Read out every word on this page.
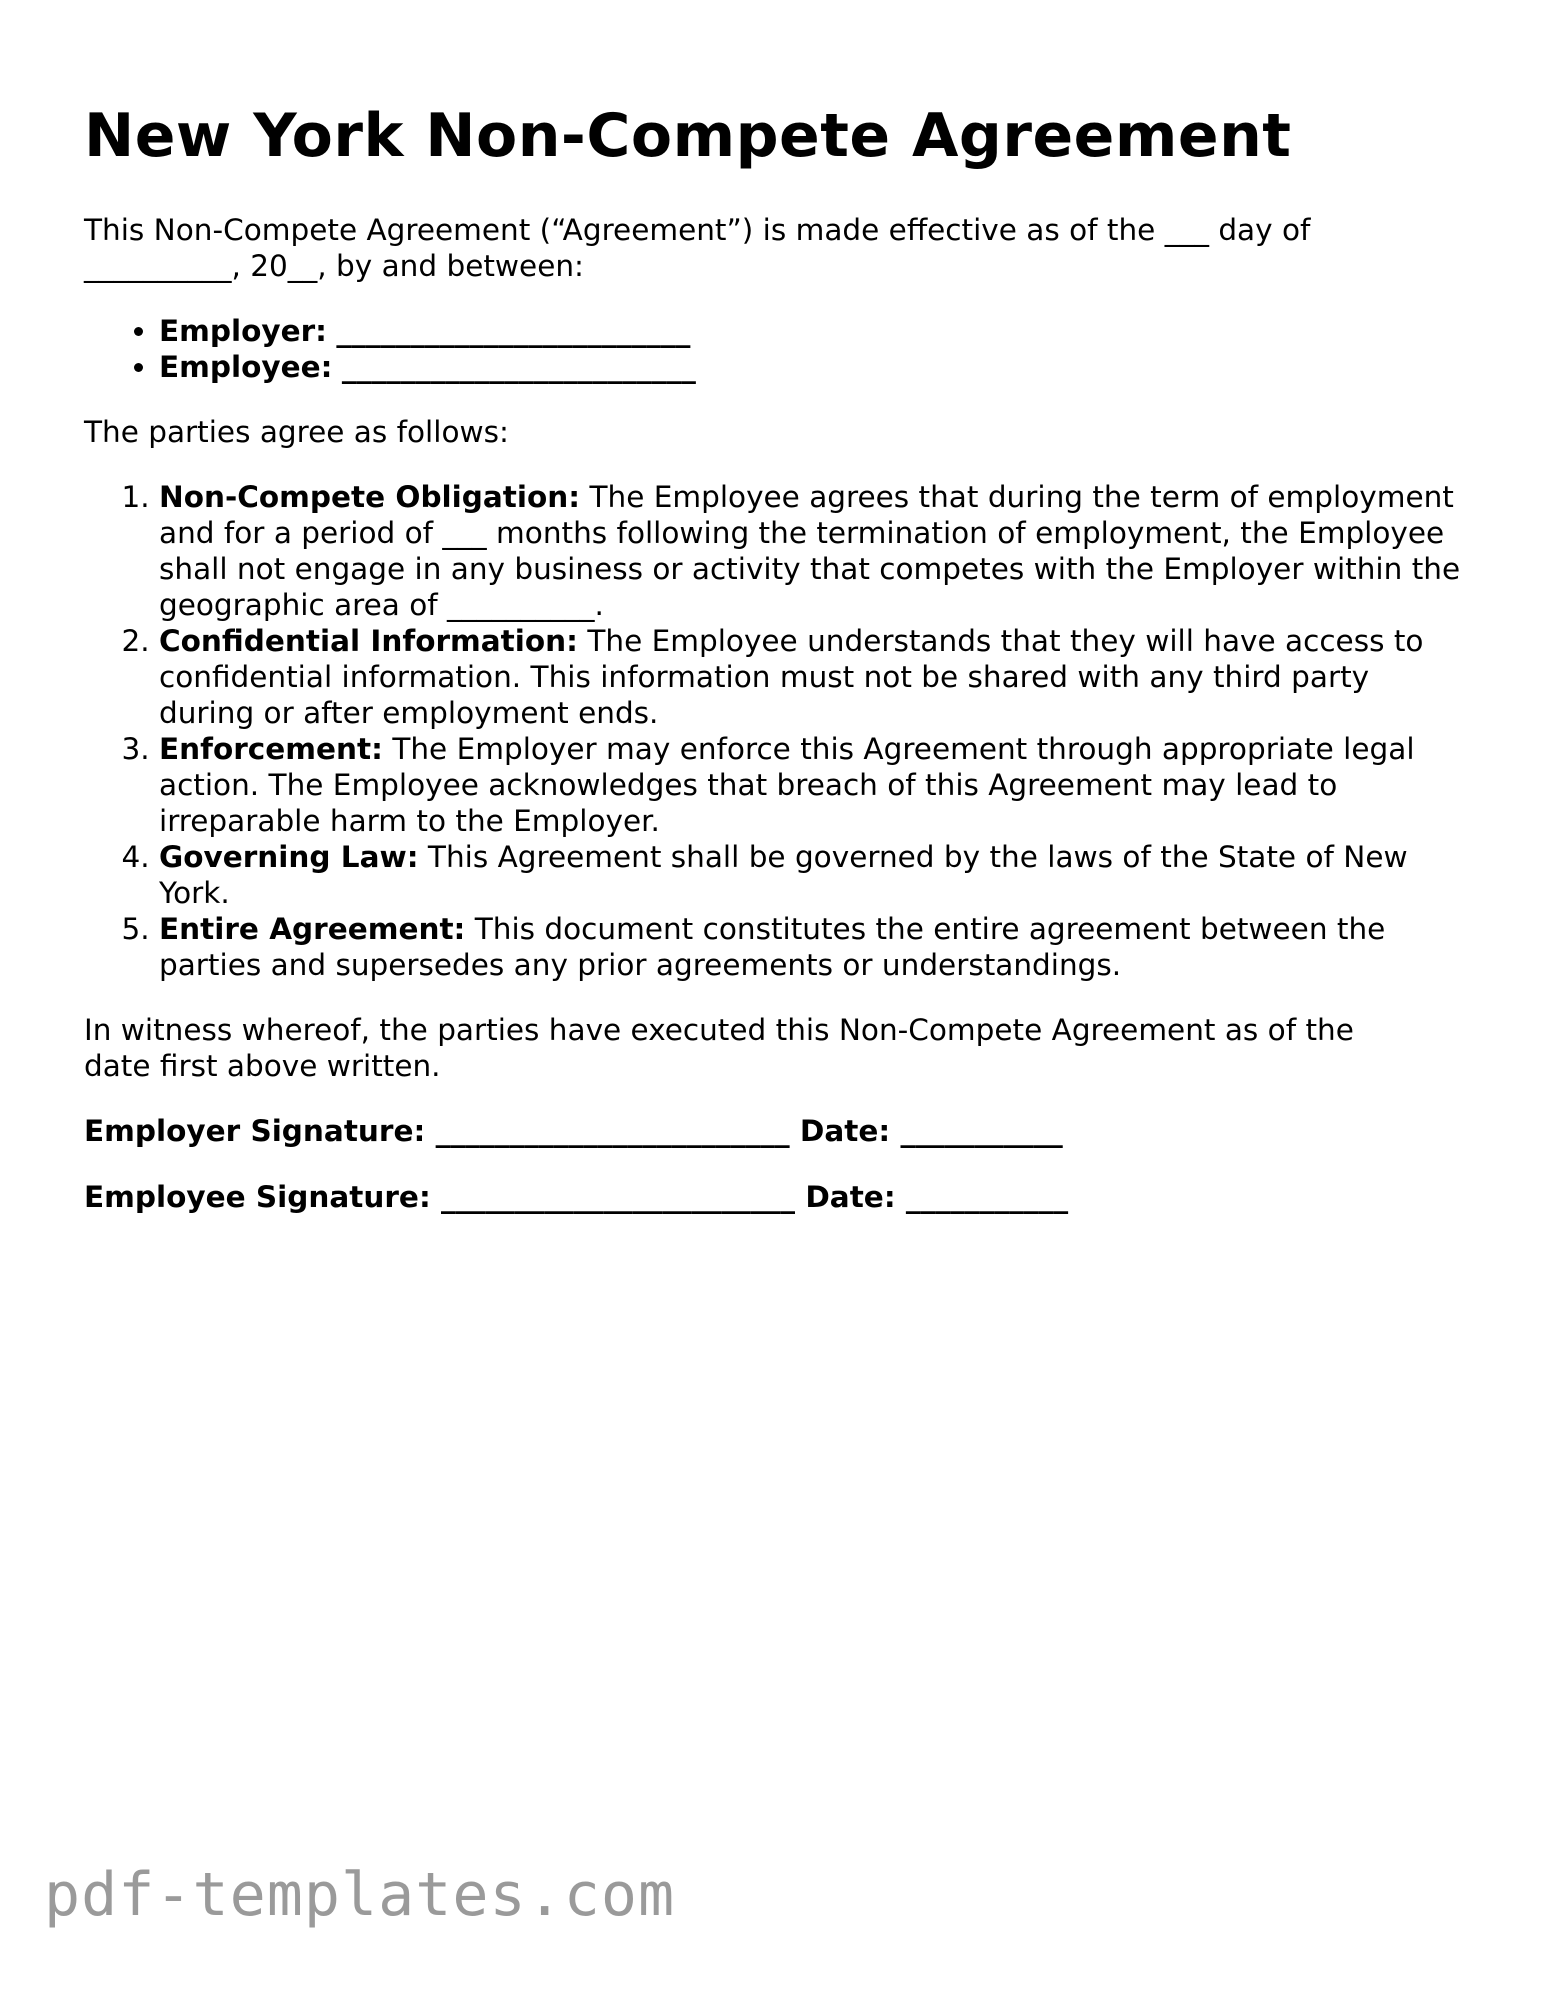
New York Non-Compete Agreement

This Non-Compete Agreement (“Agreement”) is made effective as of the ___ day of __________, 20__, by and between:

• Employer: ________________________
• Employee: ________________________

The parties agree as follows:

1. Non-Compete Obligation: The Employee agrees that during the term of employment and for a period of ___ months following the termination of employment, the Employee shall not engage in any business or activity that competes with the Employer within the geographic area of __________.
2. Confidential Information: The Employee understands that they will have access to confidential information. This information must not be shared with any third party during or after employment ends.
3. Enforcement: The Employer may enforce this Agreement through appropriate legal action. The Employee acknowledges that breach of this Agreement may lead to irreparable harm to the Employer.
4. Governing Law: This Agreement shall be governed by the laws of the State of New York.
5. Entire Agreement: This document constitutes the entire agreement between the parties and supersedes any prior agreements or understandings.

In witness whereof, the parties have executed this Non-Compete Agreement as of the date first above written.

Employer Signature: ________________________ Date: ___________

Employee Signature: ________________________ Date: ___________

pdf-templates.com
